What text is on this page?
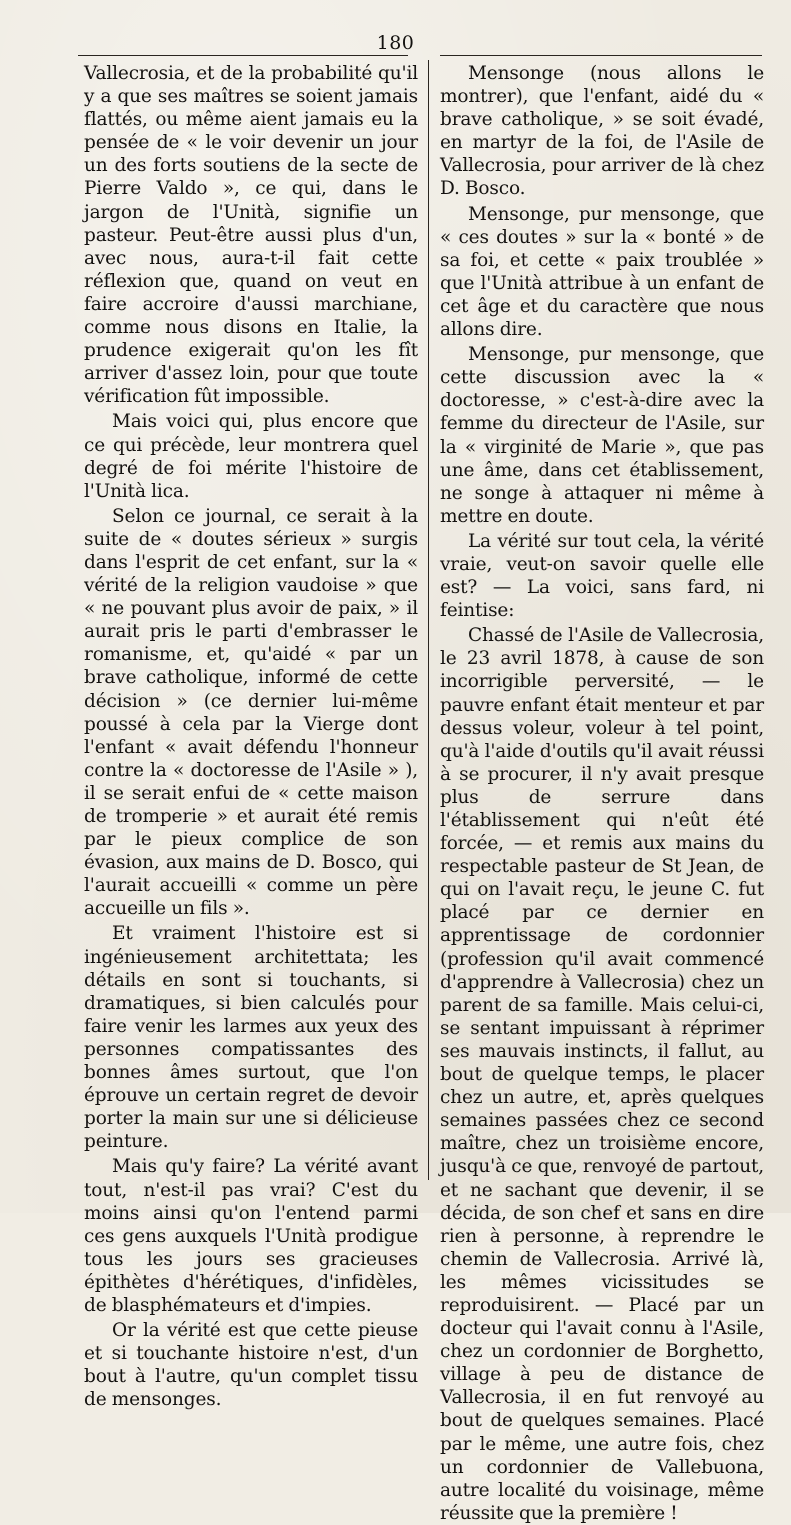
180

Vallecrosia, et de la probabilité qu'il y a que ses maîtres se soient jamais flattés, ou même aient jamais eu la pensée de « le voir devenir un jour un des forts soutiens de la secte de Pierre Valdo », ce qui, dans le jargon de l'Unità, signifie un pasteur. Peut-être aussi plus d'un, avec nous, aura-t-il fait cette réflexion que, quand on veut en faire accroire d'aussi marchiane, comme nous disons en Italie, la prudence exigerait qu'on les fît arriver d'assez loin, pour que toute vérification fût impossible.

Mais voici qui, plus encore que ce qui précède, leur montrera quel degré de foi mérite l'histoire de l'Unità lica.

Selon ce journal, ce serait à la suite de « doutes sérieux » surgis dans l'esprit de cet enfant, sur la « vérité de la religion vaudoise » que « ne pouvant plus avoir de paix, » il aurait pris le parti d'embrasser le romanisme, et, qu'aidé « par un brave catholique, informé de cette décision » (ce dernier lui-même poussé à cela par la Vierge dont l'enfant « avait défendu l'honneur contre la « doctoresse de l'Asile » ), il se serait enfui de « cette maison de tromperie » et aurait été remis par le pieux complice de son évasion, aux mains de D. Bosco, qui l'aurait accueilli « comme un père accueille un fils ».

Et vraiment l'histoire est si ingénieusement architettata; les détails en sont si touchants, si dramatiques, si bien calculés pour faire venir les larmes aux yeux des personnes compatissantes des bonnes âmes surtout, que l'on éprouve un certain regret de devoir porter la main sur une si délicieuse peinture.

Mais qu'y faire? La vérité avant tout, n'est-il pas vrai? C'est du moins ainsi qu'on l'entend parmi ces gens auxquels l'Unità prodigue tous les jours ses gracieuses épithètes d'hérétiques, d'infidèles, de blasphémateurs et d'impies.

Or la vérité est que cette pieuse et si touchante histoire n'est, d'un bout à l'autre, qu'un complet tissu de mensonges.

Mensonge (nous allons le montrer), que l'enfant, aidé du « brave catholique, » se soit évadé, en martyr de la foi, de l'Asile de Vallecrosia, pour arriver de là chez D. Bosco.

Mensonge, pur mensonge, que « ces doutes » sur la « bonté » de sa foi, et cette « paix troublée » que l'Unità attribue à un enfant de cet âge et du caractère que nous allons dire.

Mensonge, pur mensonge, que cette discussion avec la « doctoresse, » c'est-à-dire avec la femme du directeur de l'Asile, sur la « virginité de Marie », que pas une âme, dans cet établissement, ne songe à attaquer ni même à mettre en doute.

La vérité sur tout cela, la vérité vraie, veut-on savoir quelle elle est? — La voici, sans fard, ni feintise:

Chassé de l'Asile de Vallecrosia, le 23 avril 1878, à cause de son incorrigible perversité, — le pauvre enfant était menteur et par dessus voleur, voleur à tel point, qu'à l'aide d'outils qu'il avait réussi à se procurer, il n'y avait presque plus de serrure dans l'établissement qui n'eût été forcée, — et remis aux mains du respectable pasteur de St Jean, de qui on l'avait reçu, le jeune C. fut placé par ce dernier en apprentissage de cordonnier (profession qu'il avait commencé d'apprendre à Vallecrosia) chez un parent de sa famille. Mais celui-ci, se sentant impuissant à réprimer ses mauvais instincts, il fallut, au bout de quelque temps, le placer chez un autre, et, après quelques semaines passées chez ce second maître, chez un troisième encore, jusqu'à ce que, renvoyé de partout, et ne sachant que devenir, il se décida, de son chef et sans en dire rien à personne, à reprendre le chemin de Vallecrosia. Arrivé là, les mêmes vicissitudes se reproduisirent. — Placé par un docteur qui l'avait connu à l'Asile, chez un cordonnier de Borghetto, village à peu de distance de Vallecrosia, il en fut renvoyé au bout de quelques semaines. Placé par le même, une autre fois, chez un cordonnier de Vallebuona, autre localité du voisinage, même réussite que la première !
